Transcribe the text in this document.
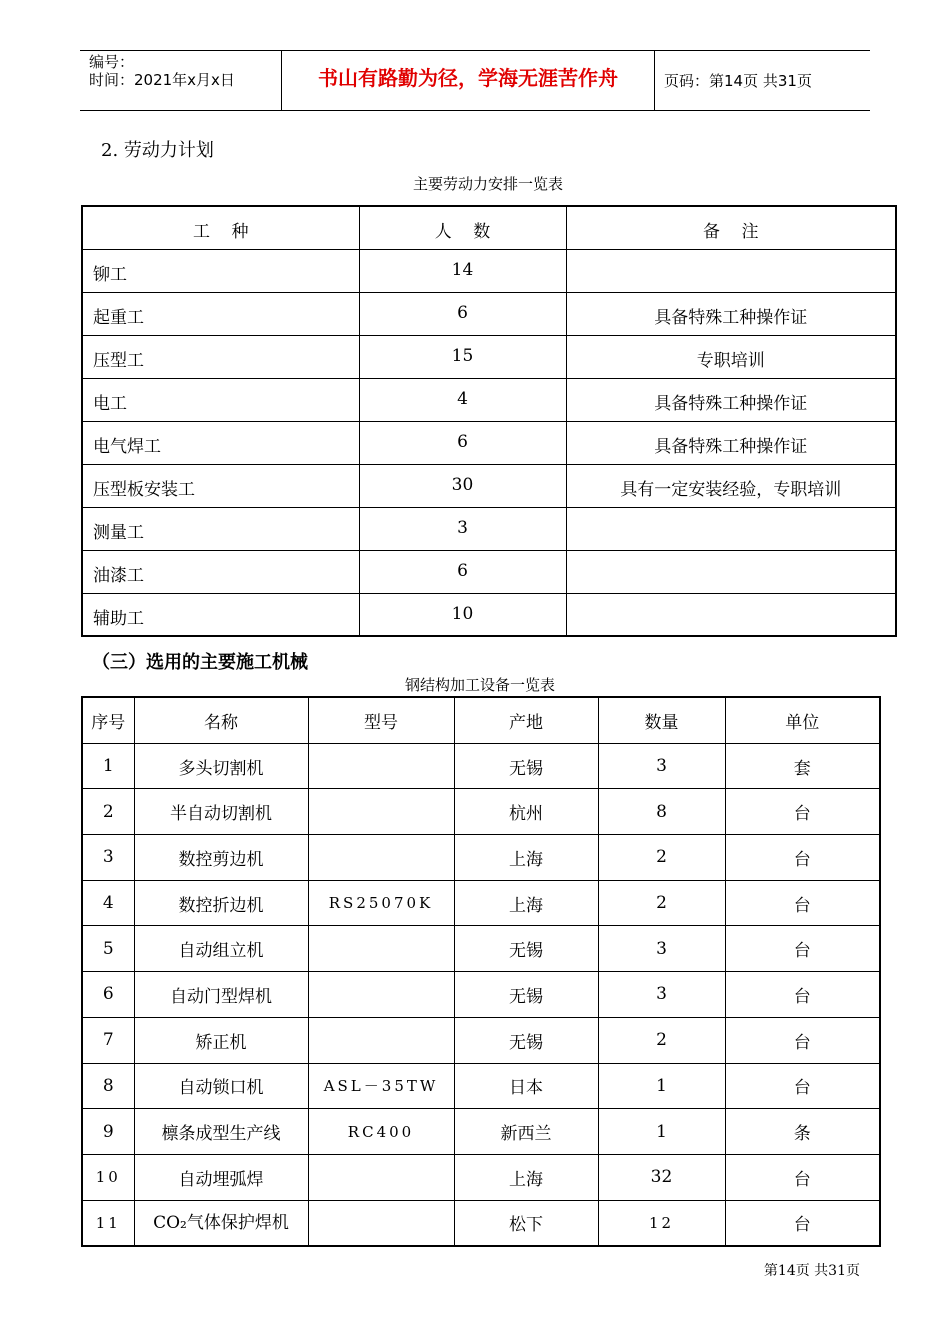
编号：
时间：2021年x月x日	书山有路勤为径，学海无涯苦作舟	页码：第14页 共31页
2. 劳动力计划
主要劳动力安排一览表
工    种	人    数	备    注
铆工	14	
起重工	6	具备特殊工种操作证
压型工	15	专职培训
电工	4	具备特殊工种操作证
电气焊工	6	具备特殊工种操作证
压型板安装工	30	具有一定安装经验，专职培训
测量工	3	
油漆工	6	
辅助工	10	
（三）选用的主要施工机械
钢结构加工设备一览表
序号	名称	型号	产地	数量	单位
1	多头切割机		无锡	3	套
2	半自动切割机		杭州	8	台
3	数控剪边机		上海	2	台
4	数控折边机	RS25070K	上海	2	台
5	自动组立机		无锡	3	台
6	自动门型焊机		无锡	3	台
7	矫正机		无锡	2	台
8	自动锁口机	ASL－35TW	日本	1	台
9	檩条成型生产线	RC400	新西兰	1	条
10	自动埋弧焊		上海	32	台
11	CO₂气体保护焊机		松下	12	台
第14页 共31页
